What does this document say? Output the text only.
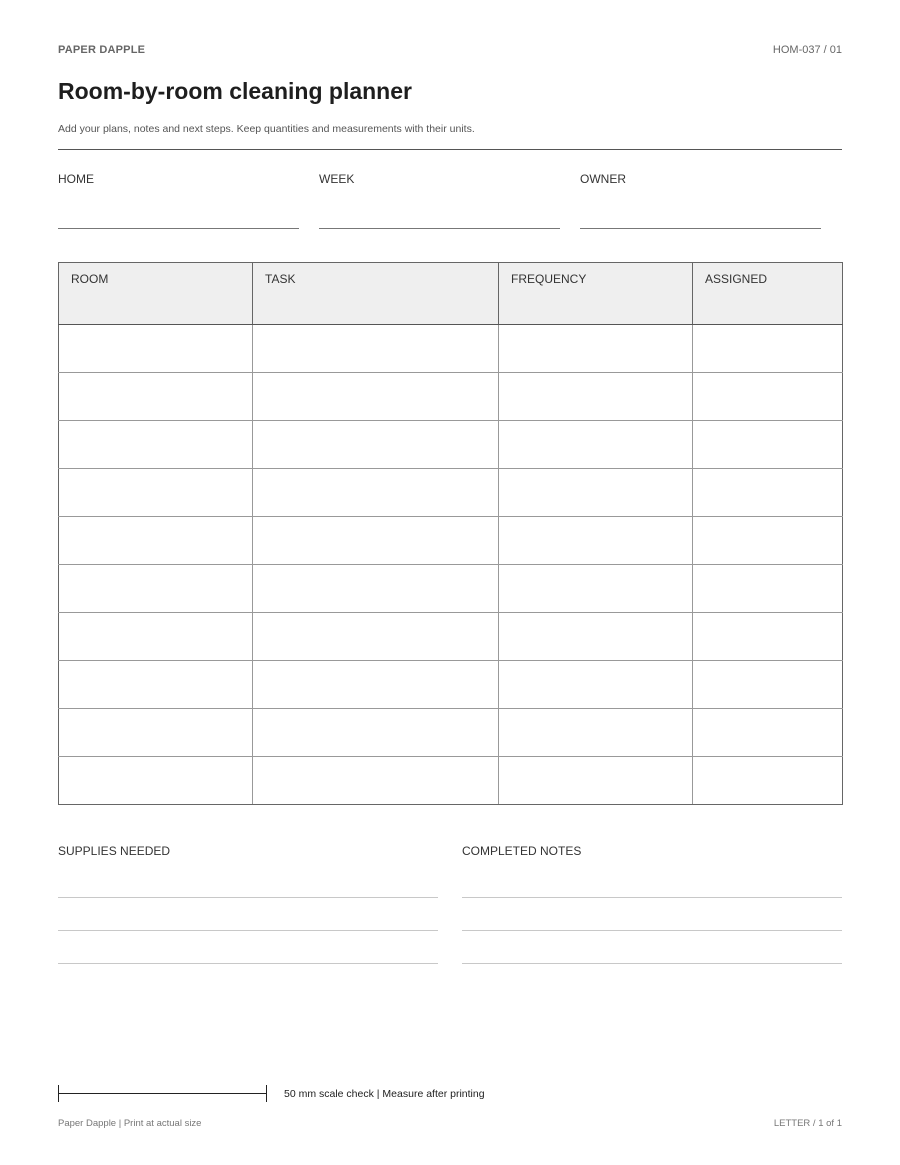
PAPER DAPPLE	HOM-037 / 01
Room-by-room cleaning planner
Add your plans, notes and next steps. Keep quantities and measurements with their units.
HOME	WEEK	OWNER
ROOM	TASK	FREQUENCY	ASSIGNED

SUPPLIES NEEDED	COMPLETED NOTES
50 mm scale check | Measure after printing
Paper Dapple | Print at actual size	LETTER / 1 of 1
